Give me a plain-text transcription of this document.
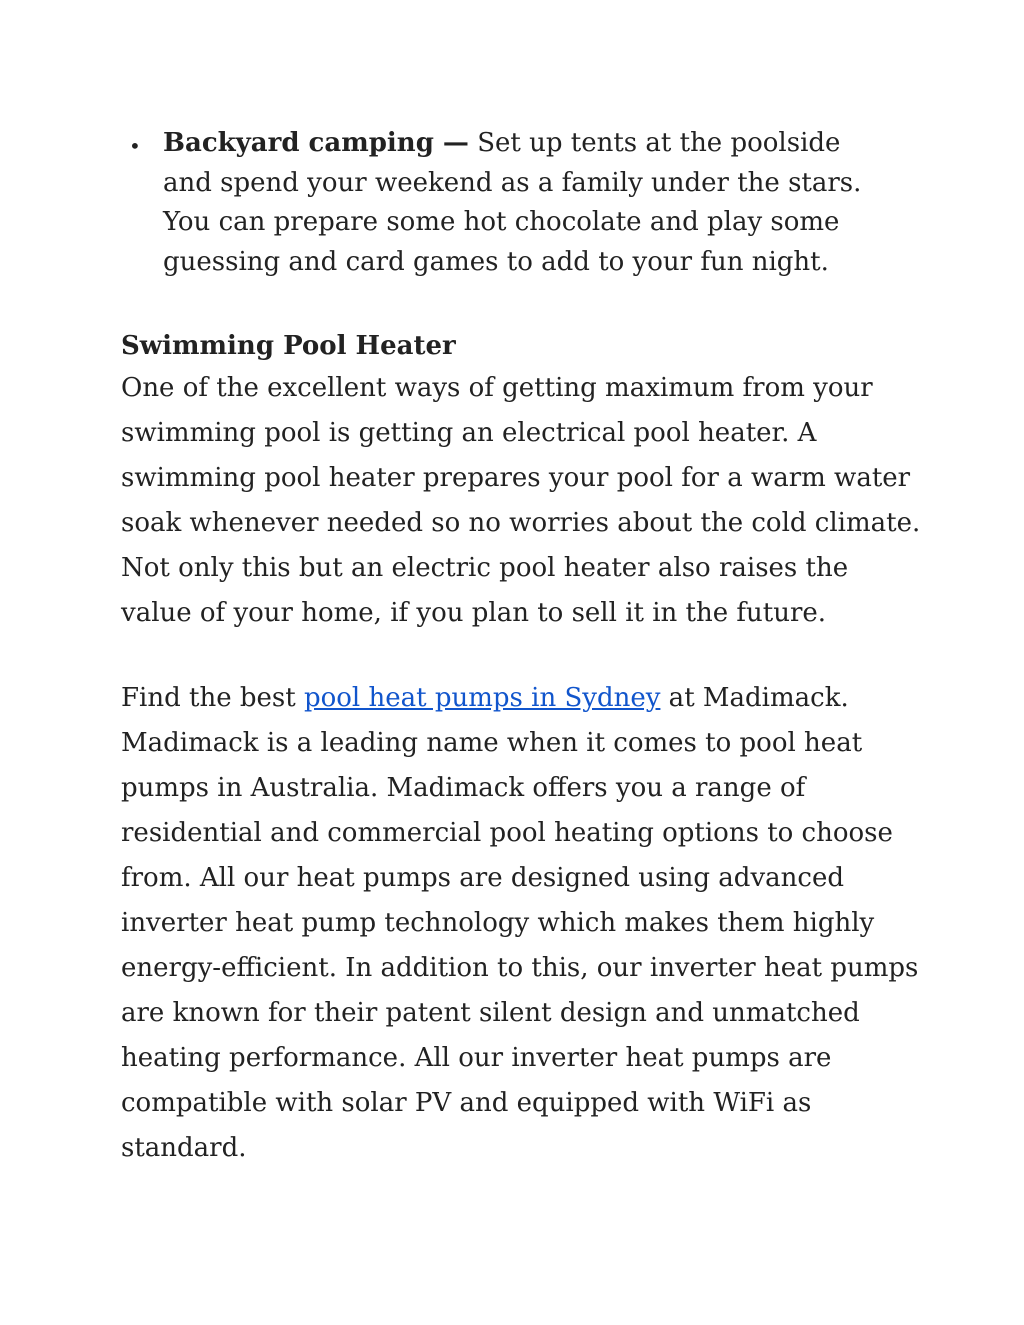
• Backyard camping — Set up tents at the poolside and spend your weekend as a family under the stars. You can prepare some hot chocolate and play some guessing and card games to add to your fun night.
Swimming Pool Heater

One of the excellent ways of getting maximum from your swimming pool is getting an electrical pool heater. A swimming pool heater prepares your pool for a warm water soak whenever needed so no worries about the cold climate. Not only this but an electric pool heater also raises the value of your home, if you plan to sell it in the future.

Find the best pool heat pumps in Sydney at Madimack. Madimack is a leading name when it comes to pool heat pumps in Australia. Madimack offers you a range of residential and commercial pool heating options to choose from. All our heat pumps are designed using advanced inverter heat pump technology which makes them highly energy-efficient. In addition to this, our inverter heat pumps are known for their patent silent design and unmatched heating performance. All our inverter heat pumps are compatible with solar PV and equipped with WiFi as standard.
